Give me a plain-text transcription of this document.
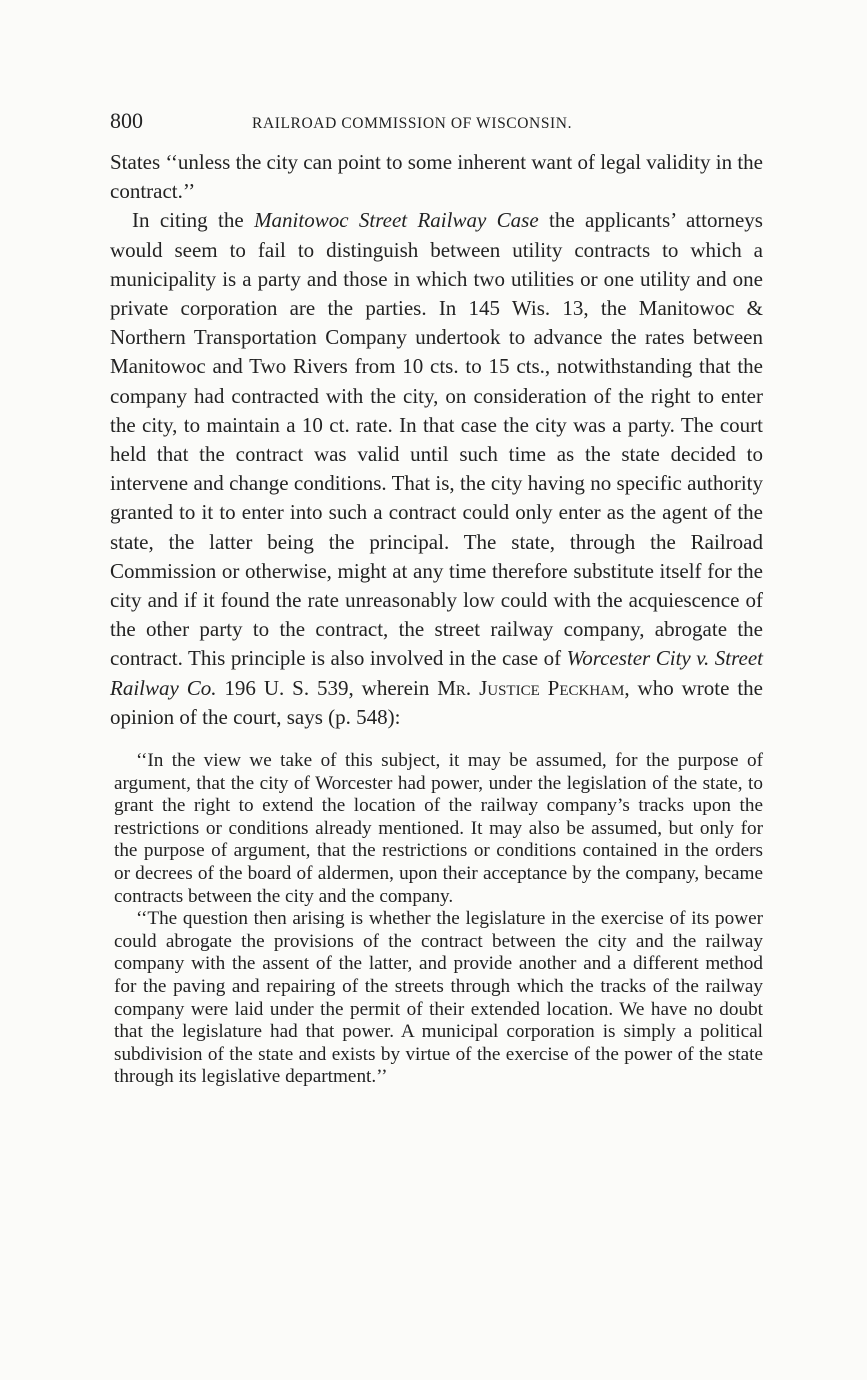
800	RAILROAD COMMISSION OF WISCONSIN.

States ‘‘unless the city can point to some inherent want of legal validity in the contract.’’

In citing the Manitowoc Street Railway Case the applicants’ attorneys would seem to fail to distinguish between utility contracts to which a municipality is a party and those in which two utilities or one utility and one private corporation are the parties. In 145 Wis. 13, the Manitowoc & Northern Transportation Company undertook to advance the rates between Manitowoc and Two Rivers from 10 cts. to 15 cts., notwithstanding that the company had contracted with the city, on consideration of the right to enter the city, to maintain a 10 ct. rate. In that case the city was a party. The court held that the contract was valid until such time as the state decided to intervene and change conditions. That is, the city having no specific authority granted to it to enter into such a contract could only enter as the agent of the state, the latter being the principal. The state, through the Railroad Commission or otherwise, might at any time therefore substitute itself for the city and if it found the rate unreasonably low could with the acquiescence of the other party to the contract, the street railway company, abrogate the contract. This principle is also involved in the case of Worcester City v. Street Railway Co. 196 U. S. 539, wherein Mr. Justice Peckham, who wrote the opinion of the court, says (p. 548):

‘‘In the view we take of this subject, it may be assumed, for the purpose of argument, that the city of Worcester had power, under the legislation of the state, to grant the right to extend the location of the railway company’s tracks upon the restrictions or conditions already mentioned. It may also be assumed, but only for the purpose of argument, that the restrictions or conditions contained in the orders or decrees of the board of aldermen, upon their acceptance by the company, became contracts between the city and the company.

‘‘The question then arising is whether the legislature in the exercise of its power could abrogate the provisions of the contract between the city and the railway company with the assent of the latter, and provide another and a different method for the paving and repairing of the streets through which the tracks of the railway company were laid under the permit of their extended location. We have no doubt that the legislature had that power. A municipal corporation is simply a political subdivision of the state and exists by virtue of the exercise of the power of the state through its legislative department.’’
